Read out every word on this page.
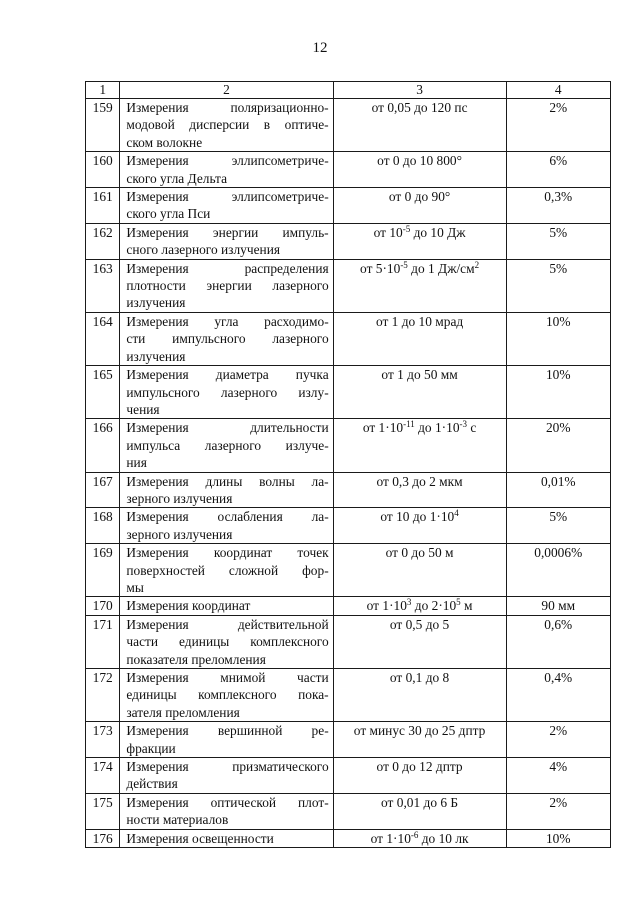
12
1	2	3	4
159	Измерения поляризационно-
модовой дисперсии в оптиче-
ском волокне	от 0,05 до 120 пс	2%
160	Измерения эллипсометриче-
ского угла Дельта	от 0 до 10 800°	6%
161	Измерения эллипсометриче-
ского угла Пси	от 0 до 90°	0,3%
162	Измерения энергии импуль-
сного лазерного излучения	от $10^{-5}$ до 10 Дж	5%
163	Измерения распределения
плотности энергии лазерного
излучения	от $5\cdot 10^{-5}$ до 1 $Дж/см^2$	5%
164	Измерения угла расходимо-
сти импульсного лазерного
излучения	от 1 до 10 мрад	10%
165	Измерения диаметра пучка
импульсного лазерного излу-
чения	от 1 до 50 мм	10%
166	Измерения длительности
импульса лазерного излуче-
ния	от $1\cdot 10^{-11}$ до $1\cdot 10^{-3}$ с	20%
167	Измерения длины волны ла-
зерного излучения	от 0,3 до 2 мкм	0,01%
168	Измерения ослабления ла-
зерного излучения	от 10 до $1\cdot 10^4$	5%
169	Измерения координат точек
поверхностей сложной фор-
мы	от 0 до 50 м	0,0006%
170	Измерения координат	от $1\cdot 10^3$ до $2\cdot 10^5$ м	90 мм
171	Измерения действительной
части единицы комплексного
показателя преломления	от 0,5 до 5	0,6%
172	Измерения мнимой части
единицы комплексного пока-
зателя преломления	от 0,1 до 8	0,4%
173	Измерения вершинной ре-
фракции	от минус 30 до 25 дптр	2%
174	Измерения призматического
действия	от 0 до 12 дптр	4%
175	Измерения оптической плот-
ности материалов	от 0,01 до 6 Б	2%
176	Измерения освещенности	от $1\cdot 10^{-6}$ до 10 лк	10%
